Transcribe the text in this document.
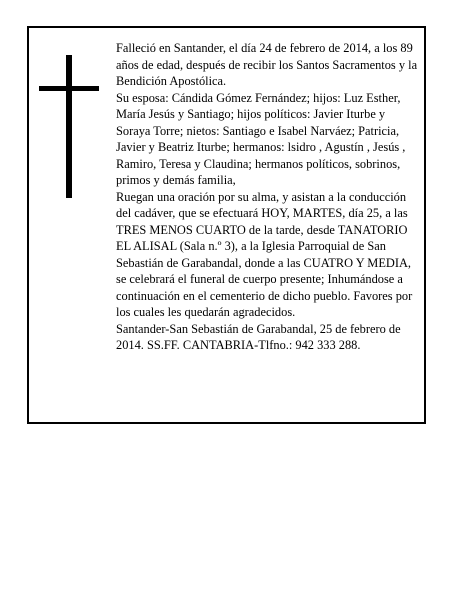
Falleció en Santander, el día 24 de febrero de 2014, a los 89 años de edad, después de recibir los Santos Sacramentos y la Bendición Apostólica.

Su esposa: Cándida Gómez Fernández; hijos: Luz Esther, María Jesús y Santiago; hijos políticos: Javier Iturbe y Soraya Torre; nietos: Santiago e Isabel Narváez; Patricia, Javier y Beatriz Iturbe; hermanos: lsidro , Agustín , Jesús , Ramiro, Teresa y Claudina; hermanos políticos, sobrinos, primos y demás familia,

Ruegan una oración por su alma, y asistan a la conducción del cadáver, que se efectuará HOY, MARTES, día 25, a las TRES MENOS CUARTO de la tarde, desde TANATORIO EL ALISAL (Sala n.º 3), a la Iglesia Parroquial de San Sebastián de Garabandal, donde a las CUATRO Y MEDIA, se celebrará el funeral de cuerpo presente; Inhumándose a continuación en el cementerio de dicho pueblo. Favores por los cuales les quedarán agradecidos.

Santander-San Sebastián de Garabandal, 25 de febrero de 2014. SS.FF. CANTABRIA-Tlfno.: 942 333 288.
